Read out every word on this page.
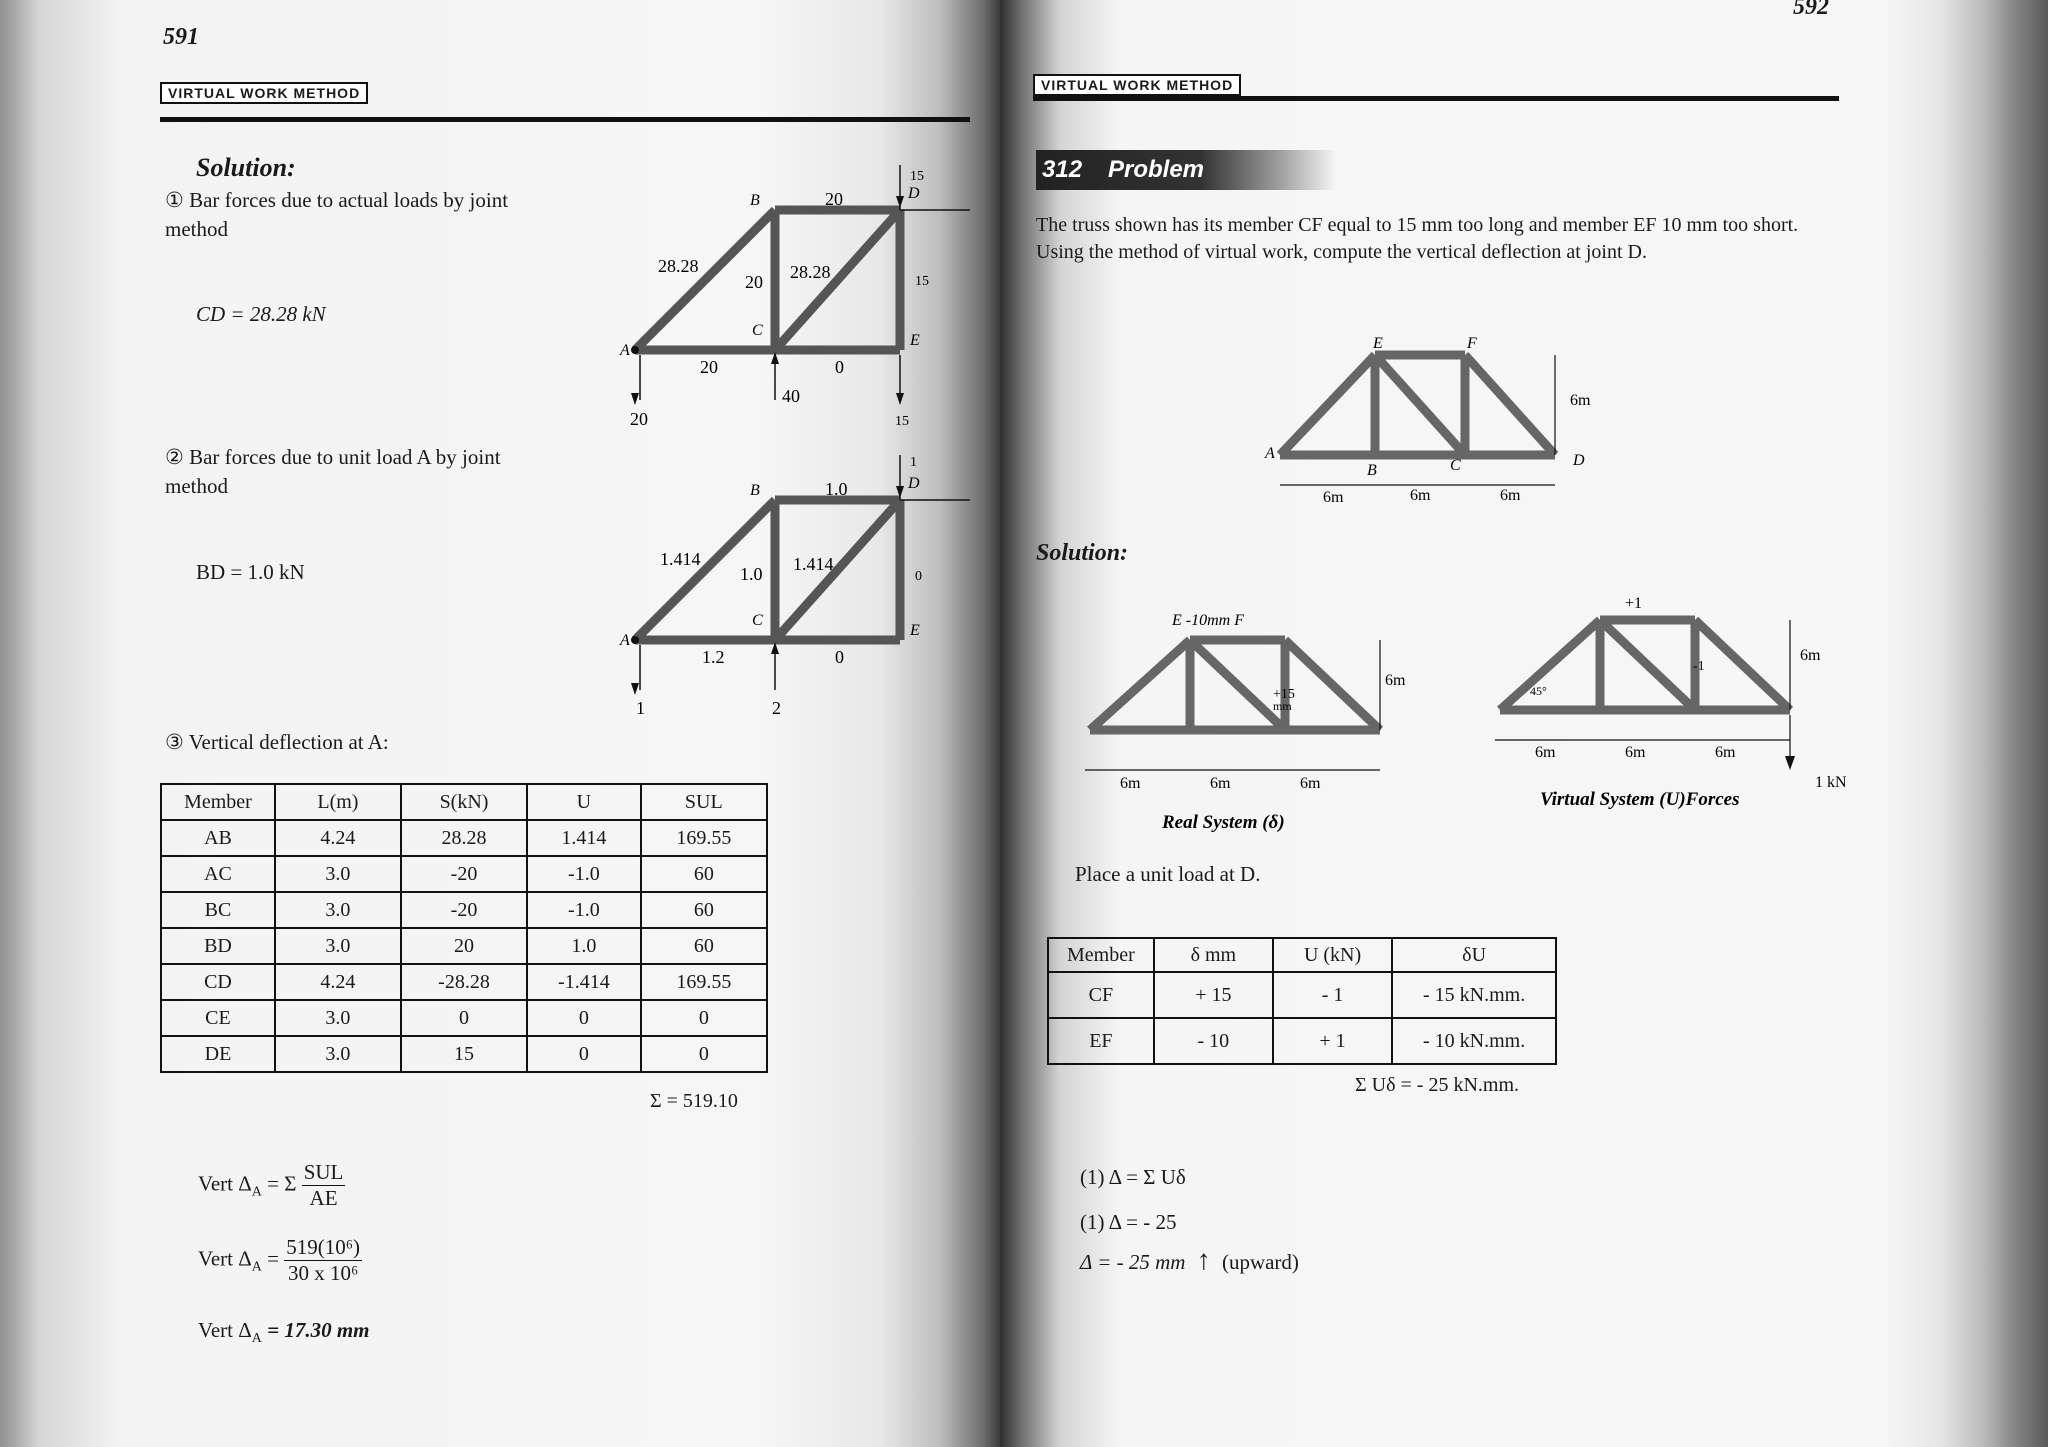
591
VIRTUAL WORK METHOD
Solution:
① Bar forces due to actual loads by joint method
CD = 28.28 kN
② Bar forces due to unit load A by joint method
BD = 1.0 kN
③ Vertical deflection at A:
B
C
A
D
E
20
28.28
20 28.28
20	0
20
40
15
15
15
B
C
A
D
E
1.0
1.414
1.0 1.414
1.2	0
1	2
1
0
Member	L(m)	S(kN)	U	SUL
AB	4.24	28.28	1.414	169.55
AC	3.0	-20	-1.0	60
BC	3.0	-20	-1.0	60
BD	3.0	20	1.0	60
CD	4.24	-28.28	-1.414	169.55
CE	3.0	0	0	0
DE	3.0	15	0	0
Σ = 519.10
Vert $\Delta_A = \Sigma \frac{\text{SUL}}{AE}$
Vert $\Delta_A = \frac{\text{519(10⁶)}}{\text{30 x 10⁶}}$
Vert $\Delta_A = 17.30$ mm
592
VIRTUAL WORK METHOD
312 Problem
The truss shown has its member CF equal to 15 mm too long and member EF 10 mm too short. Using the method of virtual work, compute the vertical deflection at joint D.
E	F
A
B	C	D
6m
6m	6m	6m
Solution:
E -10mm F
+15
mm
6m
6m	6m	6m
Real System (δ)
+1
-1
45°
6m
6m	6m	6m
1 kN
Virtual System (U)Forces
Place a unit load at D.
Member	δ mm	U (kN)	δU
CF	+ 15	- 1	- 15 kN.mm.
EF	- 10	+ 1	- 10 kN.mm.
Σ Uδ = - 25 kN.mm.
(1) Δ = Σ Uδ
(1) Δ = - 25
Δ = - 25 mm ↑ (upward)
